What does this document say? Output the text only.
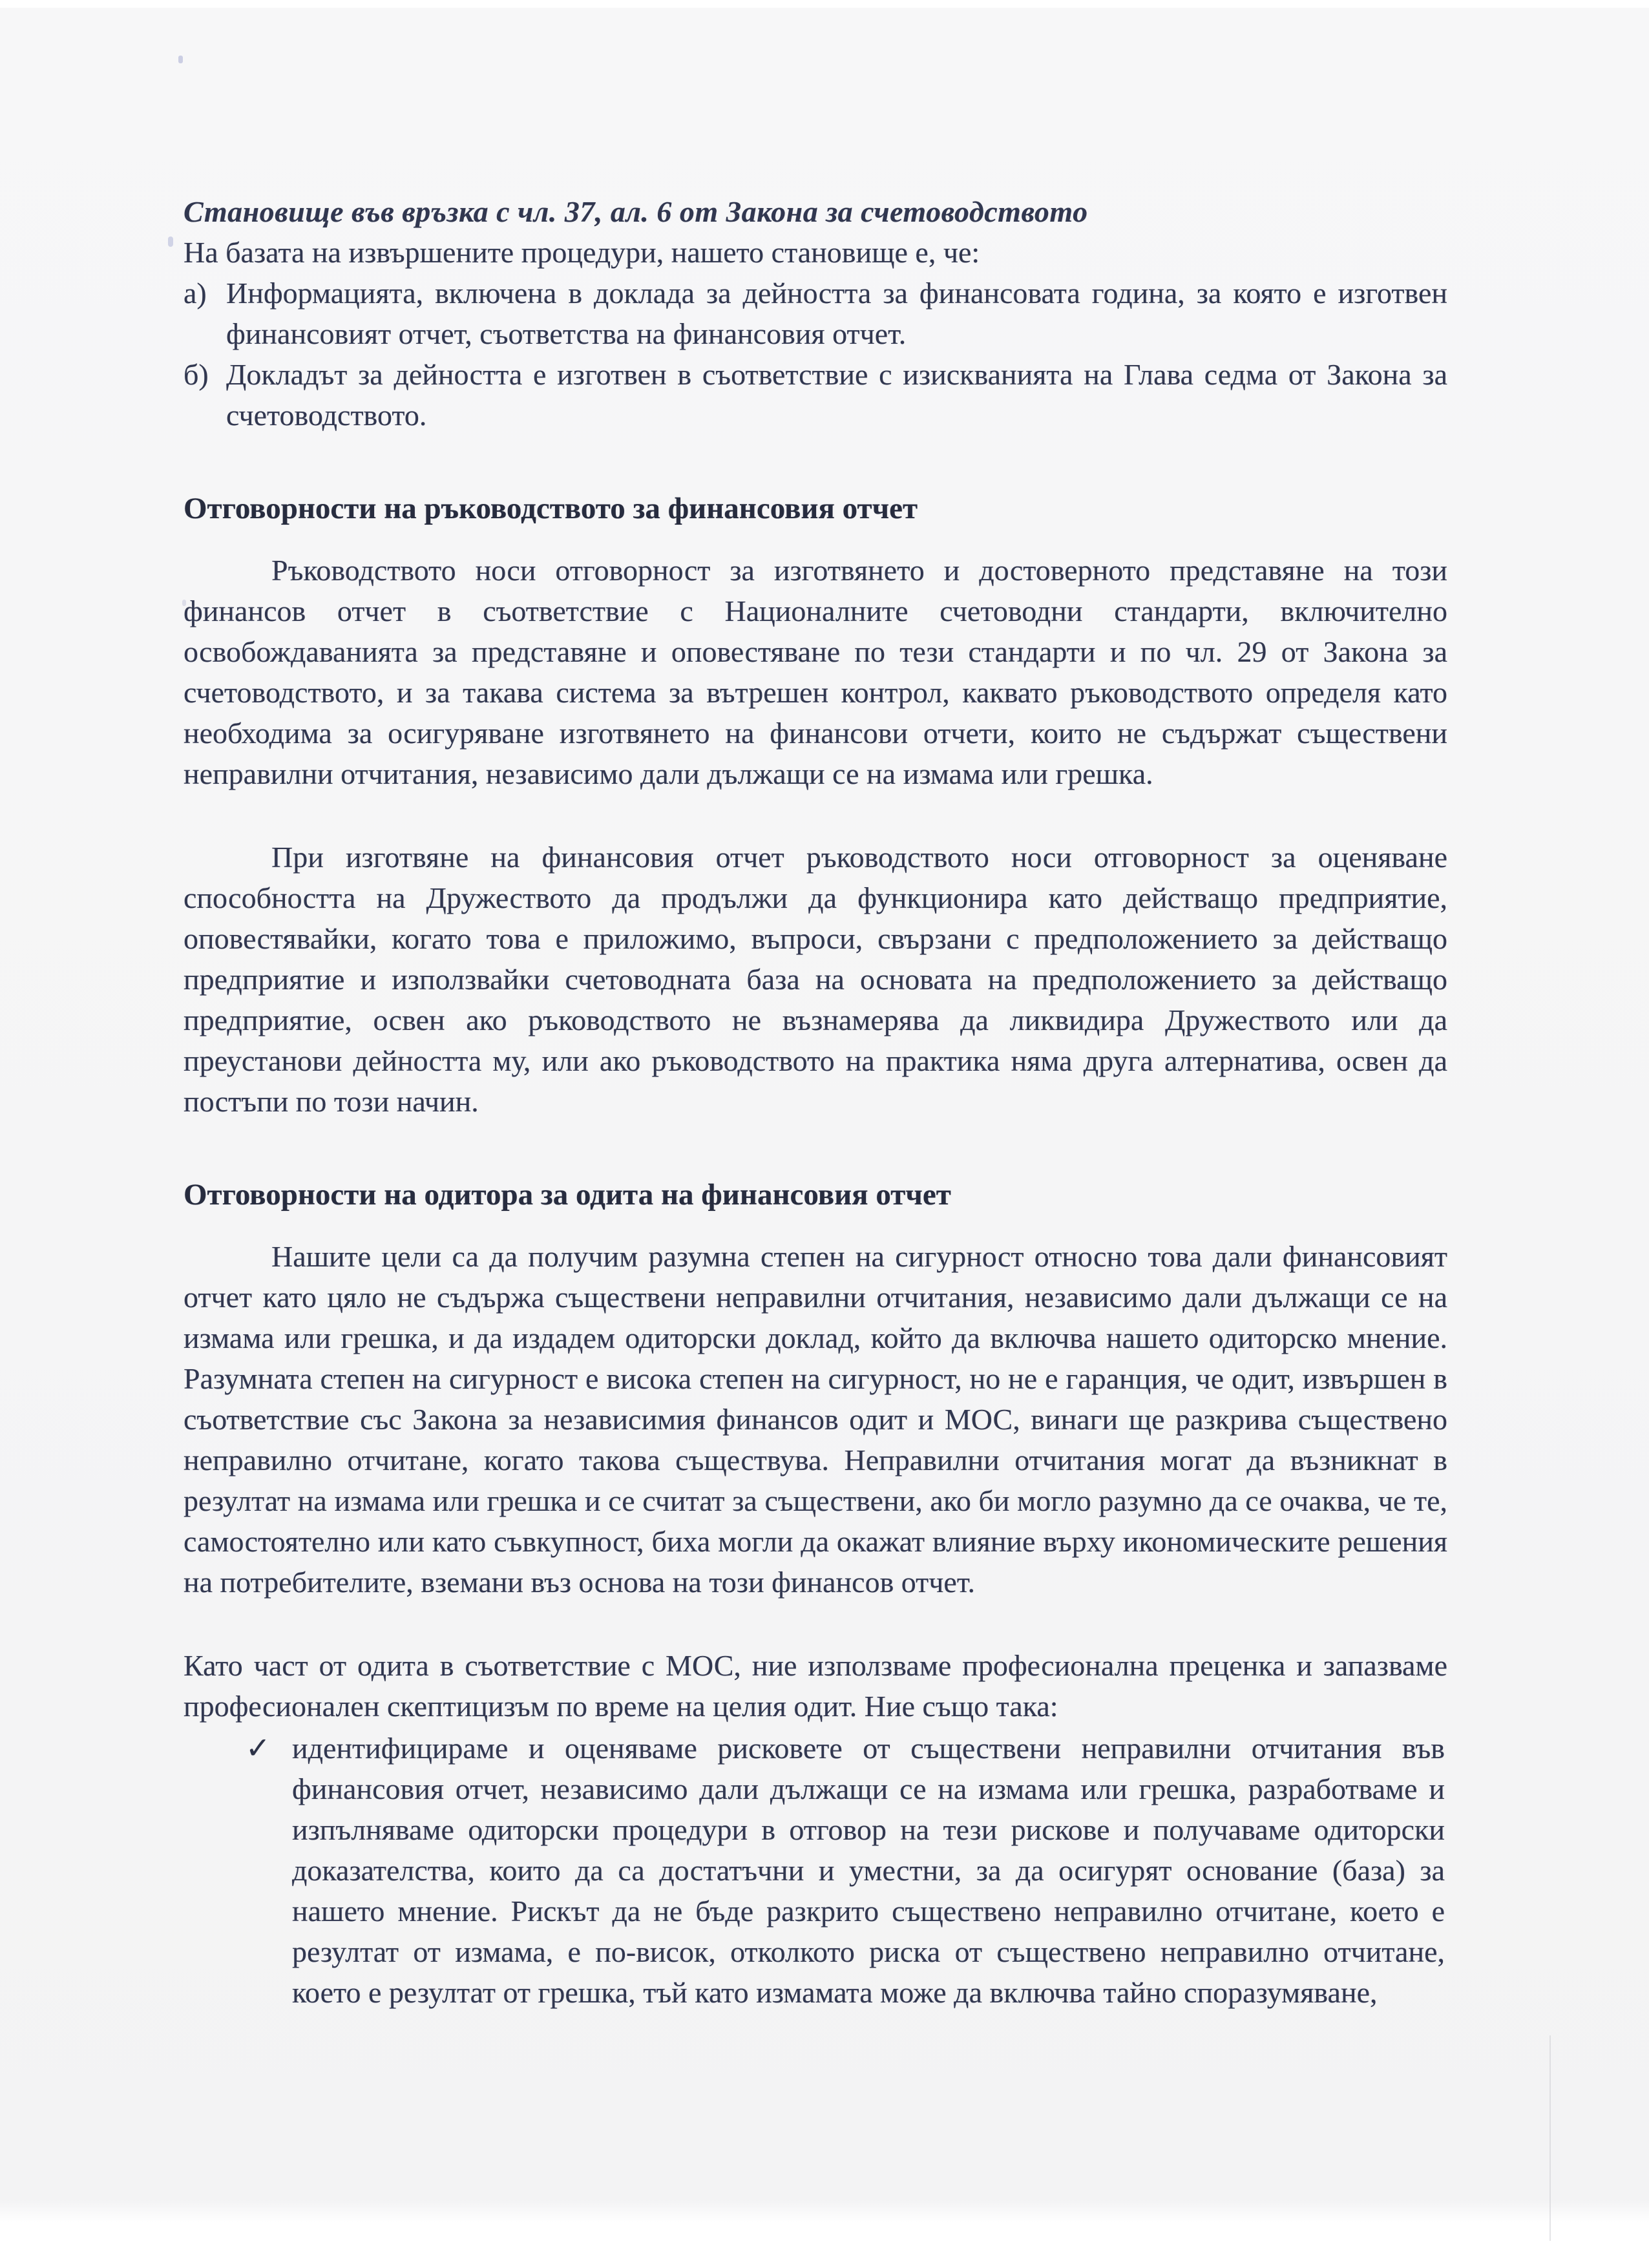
Становище във връзка с чл. 37, ал. 6 от Закона за счетоводството

На базата на извършените процедури, нашето становище е, че:

а) Информацията, включена в доклада за дейността за финансовата година, за която е изготвен финансовият отчет, съответства на финансовия отчет.
б) Докладът за дейността е изготвен в съответствие с изискванията на Глава седма от Закона за счетоводството.
Отговорности на ръководството за финансовия отчет

Ръководството носи отговорност за изготвянето и достоверното представяне на този финансов отчет в съответствие с Националните счетоводни стандарти, включително освобождаванията за представяне и оповестяване по тези стандарти и по чл. 29 от Закона за счетоводството, и за такава система за вътрешен контрол, каквато ръководството определя като необходима за осигуряване изготвянето на финансови отчети, които не съдържат съществени неправилни отчитания, независимо дали дължащи се на измама или грешка.

При изготвяне на финансовия отчет ръководството носи отговорност за оценяване способността на Дружеството да продължи да функционира като действащо предприятие, оповестявайки, когато това е приложимо, въпроси, свързани с предположението за действащо предприятие и използвайки счетоводната база на основата на предположението за действащо предприятие, освен ако ръководството не възнамерява да ликвидира Дружеството или да преустанови дейността му, или ако ръководството на практика няма друга алтернатива, освен да постъпи по този начин.

Отговорности на одитора за одита на финансовия отчет

Нашите цели са да получим разумна степен на сигурност относно това дали финансовият отчет като цяло не съдържа съществени неправилни отчитания, независимо дали дължащи се на измама или грешка, и да издадем одиторски доклад, който да включва нашето одиторско мнение. Разумната степен на сигурност е висока степен на сигурност, но не е гаранция, че одит, извършен в съответствие със Закона за независимия финансов одит и МОС, винаги ще разкрива съществено неправилно отчитане, когато такова съществува. Неправилни отчитания могат да възникнат в резултат на измама или грешка и се считат за съществени, ако би могло разумно да се очаква, че те, самостоятелно или като съвкупност, биха могли да окажат влияние върху икономическите решения на потребителите, вземани въз основа на този финансов отчет.

Като част от одита в съответствие с МОС, ние използваме професионална преценка и запазваме професионален скептицизъм по време на целия одит. Ние също така:

✓ идентифицираме и оценяваме рисковете от съществени неправилни отчитания във финансовия отчет, независимо дали дължащи се на измама или грешка, разработваме и изпълняваме одиторски процедури в отговор на тези рискове и получаваме одиторски доказателства, които да са достатъчни и уместни, за да осигурят основание (база) за нашето мнение. Рискът да не бъде разкрито съществено неправилно отчитане, което е резултат от измама, е по-висок, отколкото риска от съществено неправилно отчитане, което е резултат от грешка, тъй като измамата може да включва тайно споразумяване,
